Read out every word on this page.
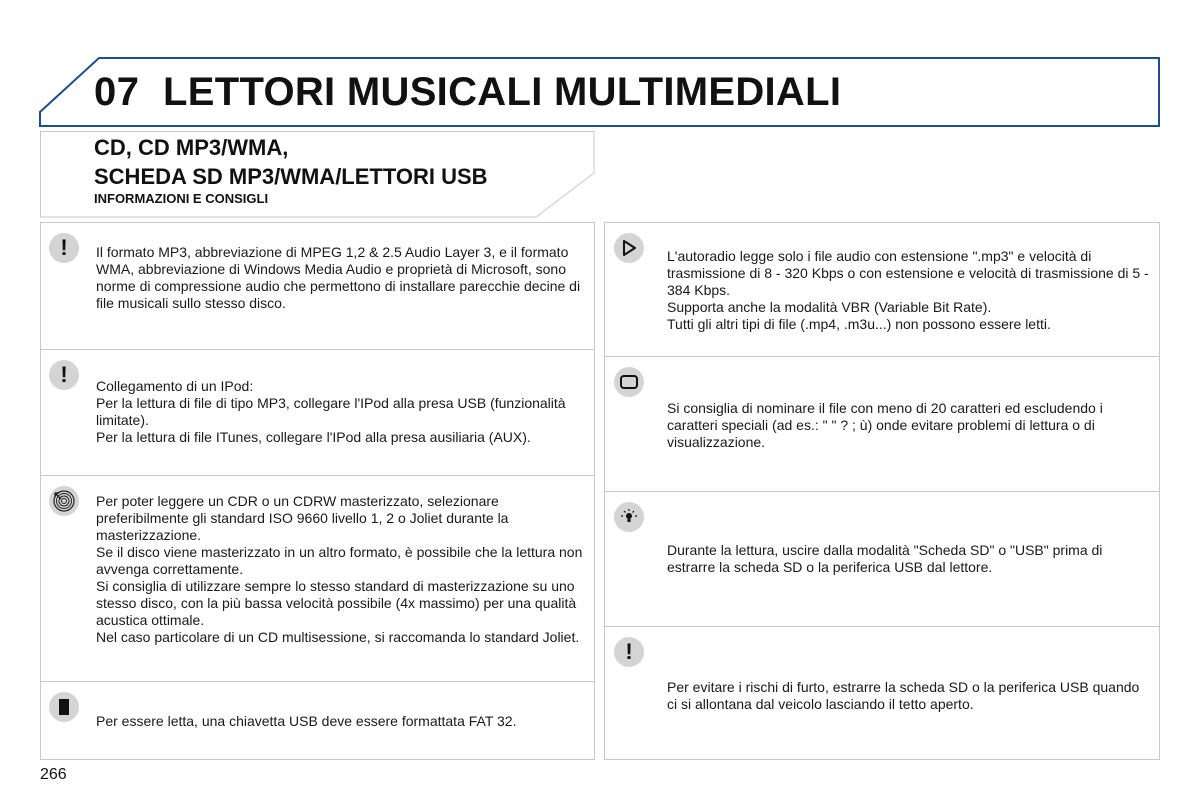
07 LETTORI MUSICALI MULTIMEDIALI
CD, CD MP3/WMA,
SCHEDA SD MP3/WMA/LETTORI USB
INFORMAZIONI E CONSIGLI
! Il formato MP3, abbreviazione di MPEG 1,2 & 2.5 Audio Layer 3, e il formato WMA, abbreviazione di Windows Media Audio e proprietà di Microsoft, sono norme di compressione audio che permettono di installare parecchie decine di file musicali sullo stesso disco.
! Collegamento di un IPod:
Per la lettura di file di tipo MP3, collegare l'IPod alla presa USB (funzionalità limitate).
Per la lettura di file ITunes, collegare l'IPod alla presa ausiliaria (AUX).
Per poter leggere un CDR o un CDRW masterizzato, selezionare preferibilmente gli standard ISO 9660 livello 1, 2 o Joliet durante la masterizzazione.
Se il disco viene masterizzato in un altro formato, è possibile che la lettura non avvenga correttamente.
Si consiglia di utilizzare sempre lo stesso standard di masterizzazione su uno stesso disco, con la più bassa velocità possibile (4x massimo) per una qualità acustica ottimale.
Nel caso particolare di un CD multisessione, si raccomanda lo standard Joliet.
Per essere letta, una chiavetta USB deve essere formattata FAT 32.
L'autoradio legge solo i file audio con estensione ".mp3" e velocità di trasmissione di 8 - 320 Kbps o con estensione e velocità di trasmissione di 5 - 384 Kbps.
Supporta anche la modalità VBR (Variable Bit Rate).
Tutti gli altri tipi di file (.mp4, .m3u...) non possono essere letti.
Si consiglia di nominare il file con meno di 20 caratteri ed escludendo i caratteri speciali (ad es.: " " ? ; ù) onde evitare problemi di lettura o di visualizzazione.
Durante la lettura, uscire dalla modalità "Scheda SD" o "USB" prima di estrarre la scheda SD o la periferica USB dal lettore.
!
Per evitare i rischi di furto, estrarre la scheda SD o la periferica USB quando ci si allontana dal veicolo lasciando il tetto aperto.
266
